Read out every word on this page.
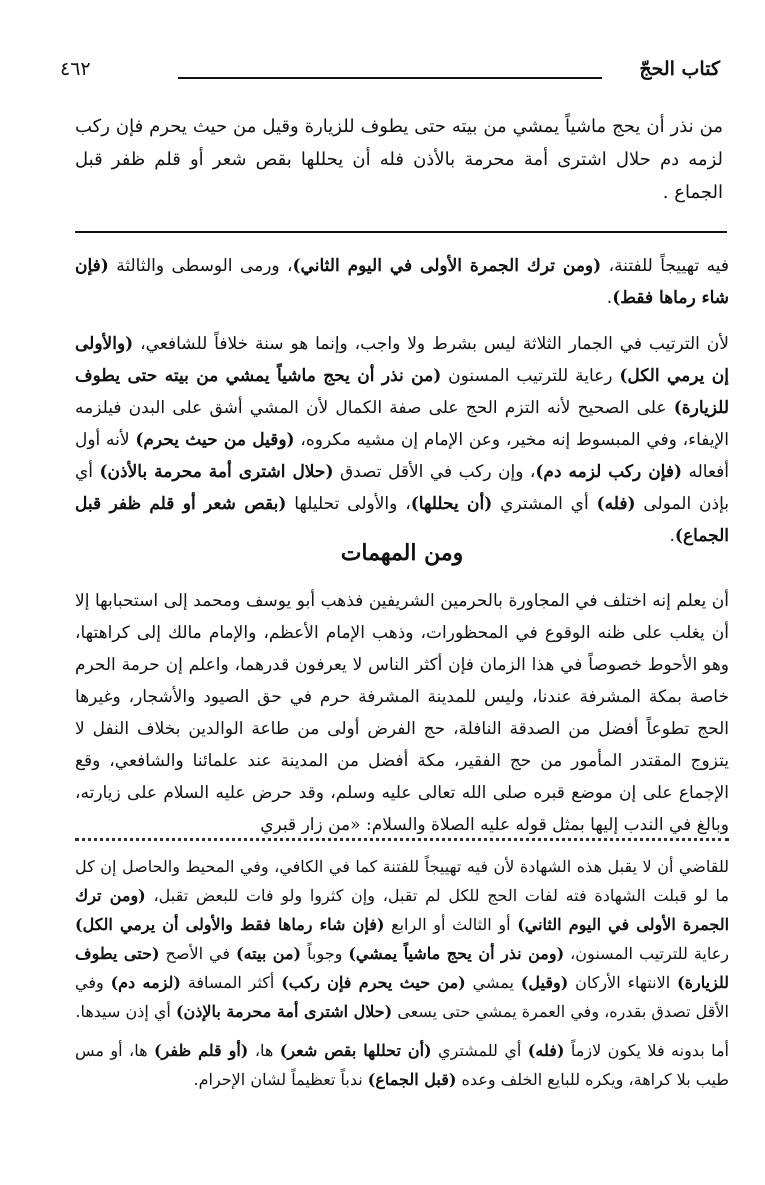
٤٦٢	كتاب الحجّ

من نذر أن يحج ماشياً يمشي من بيته حتى يطوف للزيارة وقيل من حيث يحرم فإن ركب لزمه دم حلال اشترى أمة محرمة بالأذن فله أن يحللها بقص شعر أو قلم ظفر قبل الجماع .

فيه تهييجاً للفتنة، (ومن ترك الجمرة الأولى في اليوم الثاني)، ورمى الوسطى والثالثة (فإن شاء رماها فقط).

لأن الترتيب في الجمار الثلاثة ليس بشرط ولا واجب، وإنما هو سنة خلافاً للشافعي، (والأولى إن يرمي الكل) رعاية للترتيب المسنون (من نذر أن يحج ماشياً يمشي من بيته حتى يطوف للزيارة) على الصحيح لأنه التزم الحج على صفة الكمال لأن المشي أشق على البدن فيلزمه الإيفاء، وفي المبسوط إنه مخير، وعن الإمام إن مشيه مكروه، (وقيل من حيث يحرم) لأنه أول أفعاله (فإن ركب لزمه دم)، وإن ركب في الأقل تصدق (حلال اشترى أمة محرمة بالأذن) أي بإذن المولى (فله) أي المشتري (أن يحللها)، والأولى تحليلها (بقص شعر أو قلم ظفر قبل الجماع).

ومن المهمات

أن يعلم إنه اختلف في المجاورة بالحرمين الشريفين فذهب أبو يوسف ومحمد إلى استحبابها إلا أن يغلب على ظنه الوقوع في المحظورات، وذهب الإمام الأعظم، والإمام مالك إلى كراهتها، وهو الأحوط خصوصاً في هذا الزمان فإن أكثر الناس لا يعرفون قدرهما، واعلم إن حرمة الحرم خاصة بمكة المشرفة عندنا، وليس للمدينة المشرفة حرم في حق الصيود والأشجار، وغيرها الحج تطوعاً أفضل من الصدقة النافلة، حج الفرض أولى من طاعة الوالدين بخلاف النفل لا يتزوج المقتدر المأمور من حج الفقير، مكة أفضل من المدينة عند علمائنا والشافعي، وقع الإجماع على إن موضع قبره صلى الله تعالى عليه وسلم، وقد حرض عليه السلام على زيارته، وبالغ في الندب إليها بمثل قوله عليه الصلاة والسلام: «من زار قبري

للقاضي أن لا يقبل هذه الشهادة لأن فيه تهييجاً للفتنة كما في الكافي، وفي المحيط والحاصل إن كل ما لو قبلت الشهادة فته لفات الحج للكل لم تقبل، وإن كثروا ولو فات للبعض تقبل، (ومن ترك الجمرة الأولى في اليوم الثاني) أو الثالث أو الرابع (فإن شاء رماها فقط والأولى أن يرمي الكل) رعاية للترتيب المسنون، (ومن نذر أن يحج ماشياً يمشي) وجوباً (من بيته) في الأصح (حتى يطوف للزيارة) الانتهاء الأركان (وقيل) يمشي (من حيث يحرم فإن ركب) أكثر المسافة (لزمه دم) وفي الأقل تصدق بقدره، وفي العمرة يمشي حتى يسعى (حلال اشترى أمة محرمة بالإذن) أي إذن سيدها.

أما بدونه فلا يكون لازماً (فله) أي للمشتري (أن تحللها بقص شعر) ها، (أو قلم ظفر) ها، أو مس طيب بلا كراهة، ويكره للبايع الخلف وعده (قبل الجماع) ندباً تعظيماً لشان الإحرام.
